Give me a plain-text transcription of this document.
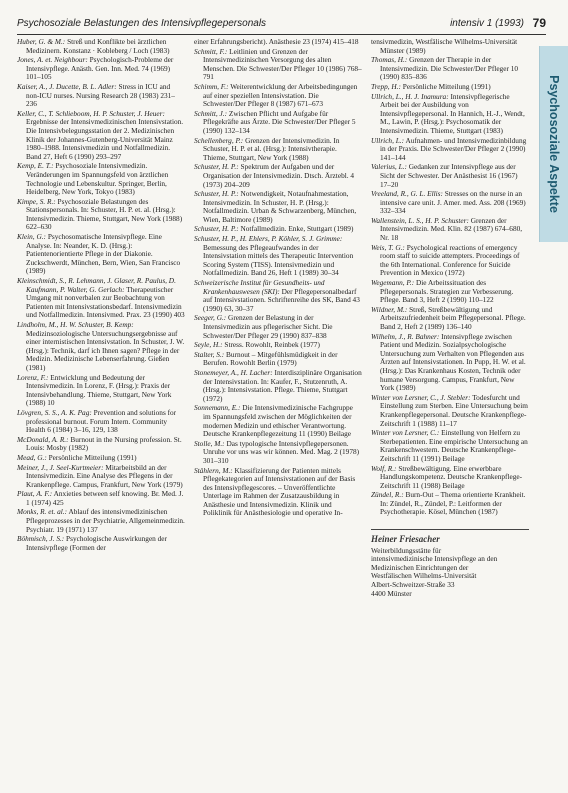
Psychosoziale Belastungen des Intensivpflegepersonals	intensiv 1 (1993) 79
Psychosoziale Aspekte

Huber, G. & M.: Streß und Konflikte bei ärztlichen Medizinern. Konstanz · Kobleberg / Loch (1983)

Jones, A. et. Neighbour: Psychologisch-Probleme der Intensivpflege. Anästh. Gen. Inn. Med. 74 (1969) 101–105

Kaiser, A., J. Ducette, B. L. Adler: Stress in ICU and non-ICU nurses. Nursing Research 28 (1983) 231–236

Keller, C., T. Schlieboom, H. P. Schuster, J. Heuer: Ergebnisse der Intensivmedizinischen Intensivstation. Die Intensivbelegungsstation der 2. Medizinischen Klinik der Johannes-Gutenberg-Universität Mainz 1980–1988. Intensivmedizin und Notfallmedizin. Band 27, Heft 6 (1990) 293–297

Kemp, E. T.: Psychosoziale Intensivmedizin. Veränderungen im Spannungsfeld von ärztlichen Technologie und Lebenskultur. Springer, Berlin, Heidelberg, New York, Tokyo (1983)

Kimpe, S. R.: Psychosoziale Belastungen des Stationspersonals. In: Schuster, H. P. et. al. (Hrsg.): Intensivmedizin. Thieme, Stuttgart, New York (1988) 622–630

Klein, G.: Psychosomatische Intensivpflege. Eine Analyse. In: Neander, K. D. (Hrsg.): Patientenorientierte Pflege in der Diakonie. Zuckschwerdt, München, Bern, Wien, San Francisco (1989)

Kleinschmidt, S., R. Lehmann, J. Glaser, R. Paulus, D. Kaufmann, P. Walter, G. Gerlach: Therapeutischer Umgang mit nonverbalen zur Beobachtung von Patienten mit Intensivstationsbedarf. Intensivmedizin und Notfallmedizin. Intensivmed. Prax. 23 (1990) 403

Lindholm, M., H. W. Schuster, B. Kemp: Medizinsoziologische Untersuchungsergebnisse auf einer internistischen Intensivstation. In Schuster, J. W. (Hrsg.): Technik, darf ich Ihnen sagen? Pflege in der Medizin. Medizinische Lebenserfahrung. Gießen (1981)

Lorenz, F.: Entwicklung und Bedeutung der Intensivmedizin. In Lorenz, F. (Hrsg.): Praxis der Intensivbehandlung. Thieme, Stuttgart, New York (1988) 10

Lövgren, S. S., A. K. Pag: Prevention and solutions for professional burnout. Forum Intern. Community Health 6 (1984) 3–16, 129, 138

McDonald, A. R.: Burnout in the Nursing profession. St. Louis: Mosby (1982)

Mead, G.: Persönliche Mitteilung (1991)

Meiner, J., J. Seel-Kurtmeier: Mitarbeitsbild an der Intensivmedizin. Eine Analyse des Pflegens in der Krankenpflege. Campus, Frankfurt, New York (1979)

Plaut, A. F.: Anxieties between self knowing. Br. Med. J. 1 (1974) 425

Monks, R. et. al.: Ablauf des intensivmedizinischen Pflegeprozesses in der Psychiatrie, Allgemeinmedizin. Psychiatr. 19 (1971) 137

Böhmisch, J. S.: Psychologische Auswirkungen der Intensivpflege (Formen der

einer Erfahrungsbericht). Anästhesie 23 (1974) 415–418

Schmitt, F.: Leitlinien und Grenzen der Intensivmedizinischen Versorgung des alten Menschen. Die Schwester/Der Pfleger 10 (1986) 768–791

Schimm, F.: Weiterentwicklung der Arbeitsbedingungen auf einer speziellen Intensivstation. Die Schwester/Der Pfleger 8 (1987) 671–673

Schmitt, J.: Zwischen Pflicht und Aufgabe für Pflegekräfte aus Ärzte. Die Schwester/Der Pfleger 5 (1990) 132–134

Schellenberg, P.: Grenzen der Intensivmedizin. In Schuster, H. P. et al. (Hrsg.): Intensivtherapie. Thieme, Stuttgart, New York (1988)

Schuster, H. P.: Spektrum der Aufgaben und der Organisation der Intensivmedizin. Dtsch. Ärztebl. 4 (1973) 204–209

Schuster, H. P.: Notwendigkeit, Notaufnahmestation, Intensivmedizin. In Schuster, H. P. (Hrsg.): Notfallmedizin. Urban & Schwarzenberg, München, Wien, Baltimore (1989)

Schuster, H. P.: Notfallmedizin. Enke, Stuttgart (1989)

Schuster, H. P., H. Ehlers, P. Köhler, S. J. Grimme: Bemessung des Pflegeaufwandes in der Intensivstation mittels des Therapeutic Intervention Scoring System (TISS). Intensivmedizin und Notfallmedizin. Band 26, Heft 1 (1989) 30–34

Schweizerische Institut für Gesundheits- und Krankenhauswesen (SKI): Der Pflegepersonalbedarf auf Intensivstationen. Schriftenreihe des SK, Band 43 (1990) 63, 30–37

Seeger, G.: Grenzen der Belastung in der Intensivmedizin aus pflegerischer Sicht. Die Schwester/Der Pfleger 29 (1990) 837–838

Seyle, H.: Stress. Rowohlt, Reinbek (1977)

Stalter, S.: Burnout – Mitgefühlsmüdigkeit in der Berufen. Rowohlt Berlin (1979)

Stonemeyer, A., H. Lacher: Interdisziplinäre Organisation der Intensivstation. In: Kaufer, F., Stutzenruth, A. (Hrsg.): Intensivstation. Pflege. Thieme, Stuttgart (1972)

Sonnemann, E.: Die Intensivmedizinische Fachgruppe im Spannungsfeld zwischen der Möglichkeiten der modernen Medizin und ethischer Verantwortung. Deutsche Krankenpflegezeitung 11 (1990) Beilage

Stolle, M.: Das typologische Intensivpflegepersonen. Unruhe vor uns was wir können. Med. Mag. 2 (1978) 301–310

Stählern, M.: Klassifizierung der Patienten mittels Pflegekategorien auf Intensivstationen auf der Basis des Intensivpflegescores. – Unveröffentlichte Unterlage im Rahmen der Zusatzausbildung in Anästhesie und Intensivmedizin. Klinik und Poliklinik für Anästhesiologie und operative In-

tensivmedizin, Westfälische Wilhelms-Universität Münster (1989)

Thomas, H.: Grenzen der Therapie in der Intensivmedizin. Die Schwester/Der Pfleger 10 (1990) 835–836

Trepp, H.: Persönliche Mitteilung (1991)

Ullrich, L., H. J. Inamura: Intensivpflegerische Arbeit bei der Ausbildung von Intensivpflegepersonal. In Hannich, H.-J., Wendt, M., Lawin, P. (Hrsg.): Psychosomatik der Intensivmedizin. Thieme, Stuttgart (1983)

Ullrich, L.: Aufnahmen- und Intensivmedizinbildung in der Praxis. Die Schwester/Der Pfleger 2 (1990) 141–144

Valerius, L.: Gedanken zur Intensivpflege aus der Sicht der Schwester. Der Anästhesist 16 (1967) 17–20

Vreeland, R., G. L. Ellis: Stresses on the nurse in an intensive care unit. J. Amer. med. Ass. 208 (1969) 332–334

Wallenstein, L. S., H. P. Schuster: Grenzen der Intensivmedizin. Med. Klin. 82 (1987) 674–680, Nr. 18

Weis, T. G.: Psychological reactions of emergency room staff to suicide attempters. Proceedings of the 6th International. Conference for Suicide Prevention in Mexico (1972)

Wegemann, P.: Die Arbeitssituation des Pflegepersonals. Strategien zur Verbesserung. Pflege. Band 3, Heft 2 (1990) 110–122

Wildner, M.: Streß, Streßbewältigung und Arbeitszufriedenheit beim Pflegepersonal. Pflege. Band 2, Heft 2 (1989) 136–140

Wilhelm, J., R. Bahner: Intensivpflege zwischen Patient und Medizin. Sozialpsychologische Untersuchung zum Verhalten von Pflegenden aus Ärzten auf Intensivstationen. In Pupp, H. W. et al. (Hrsg.): Das Krankenhaus Kosten, Technik oder humane Versorgung. Campus, Frankfurt, New York (1989)

Winter von Lersner, C., J. Stebler: Todesfurcht und Einstellung zum Sterben. Eine Untersuchung beim Krankenpflegepersonal. Deutsche Krankenpflege-Zeitschrift 1 (1988) 11–17

Winter von Lersner, C.: Einstellung von Helfern zu Sterbepatienten. Eine empirische Untersuchung an Krankenschwestern. Deutsche Krankenpflege-Zeitschrift 11 (1991) Beilage

Wolf, R.: Streßbewältigung. Eine erwerbbare Handlungskompetenz. Deutsche Krankenpflege-Zeitschrift 11 (1988) Beilage

Zündel, R.: Burn-Out – Thema orientierte Krankheit. In: Zündel, R., Zündel, P.: Leitformen der Psychotherapie. Kösel, München (1987)

Heiner Friesacher
Weiterbildungsstätte für
intensivmedizinische Intensivpflege an den
Medizinischen Einrichtungen der
Westfälischen Wilhelms-Universität
Albert-Schweitzer-Straße 33
4400 Münster
